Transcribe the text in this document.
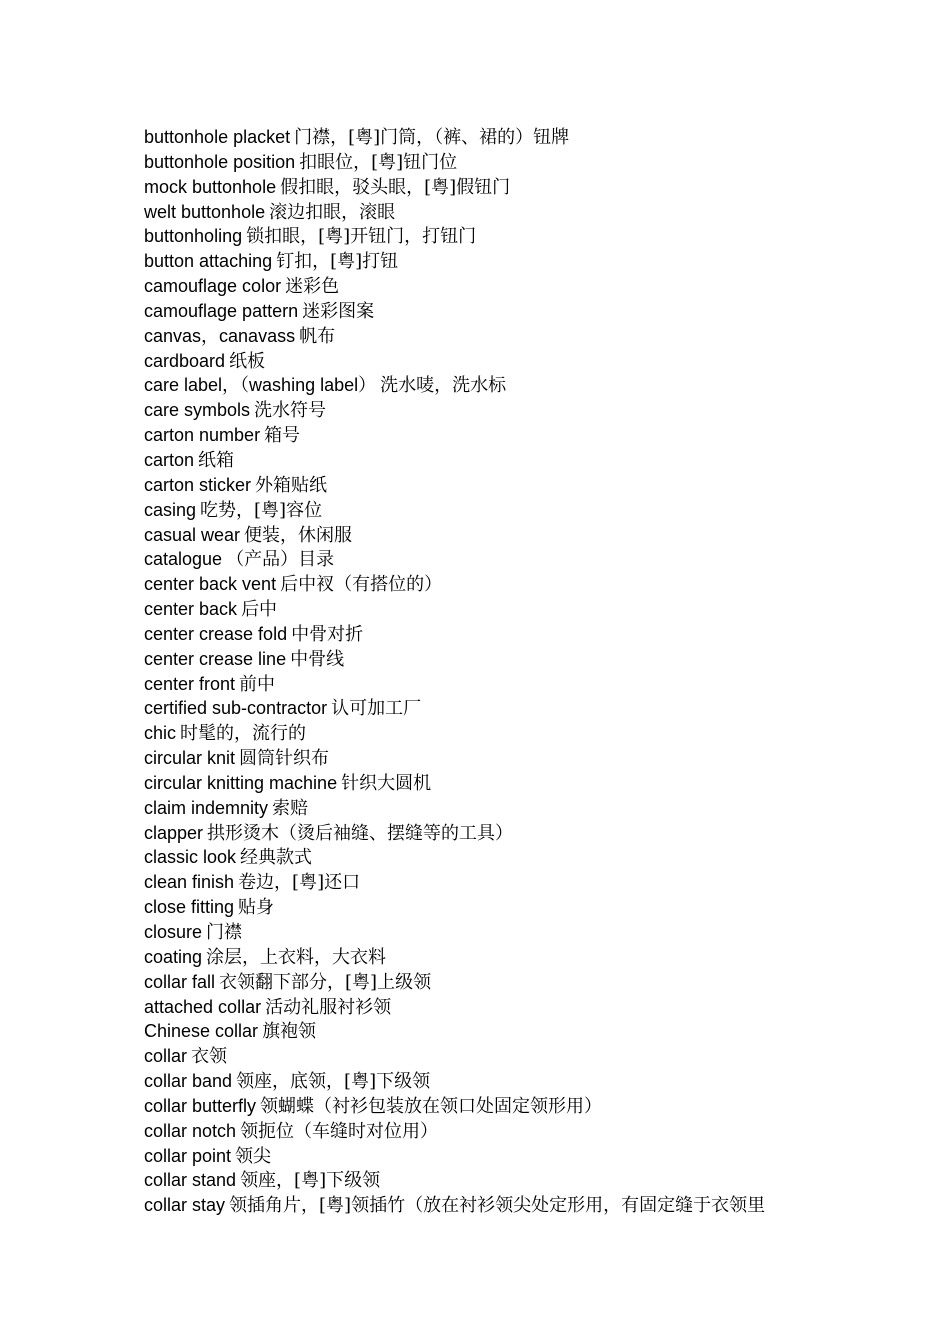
buttonhole placket 门襟，[粤]门筒，（裤、裙的）钮牌
buttonhole position 扣眼位，[粤]钮门位
mock buttonhole 假扣眼，驳头眼，[粤]假钮门
welt buttonhole 滚边扣眼，滚眼
buttonholing 锁扣眼，[粤]开钮门，打钮门
button attaching 钉扣，[粤]打钮
camouflage color 迷彩色
camouflage pattern 迷彩图案
canvas，canavass 帆布
cardboard 纸板
care label，（washing label） 洗水唛，洗水标
care symbols 洗水符号
carton number 箱号
carton 纸箱
carton sticker 外箱贴纸
casing 吃势，[粤]容位
casual wear 便装，休闲服
catalogue （产品）目录
center back vent 后中衩（有搭位的）
center back 后中
center crease fold 中骨对折
center crease line 中骨线
center front 前中
certified sub-contractor 认可加工厂
chic 时髦的，流行的
circular knit 圆筒针织布
circular knitting machine 针织大圆机
claim indemnity 索赔
clapper 拱形烫木（烫后袖缝、摆缝等的工具）
classic look 经典款式
clean finish 卷边，[粤]还口
close fitting 贴身
closure 门襟
coating 涂层，上衣料，大衣料
collar fall 衣领翻下部分，[粤]上级领
attached collar 活动礼服衬衫领
Chinese collar 旗袍领
collar 衣领
collar band 领座，底领，[粤]下级领
collar butterfly 领蝴蝶（衬衫包装放在领口处固定领形用）
collar notch 领扼位（车缝时对位用）
collar point 领尖
collar stand 领座，[粤]下级领
collar stay 领插角片，[粤]领插竹（放在衬衫领尖处定形用，有固定缝于衣领里
